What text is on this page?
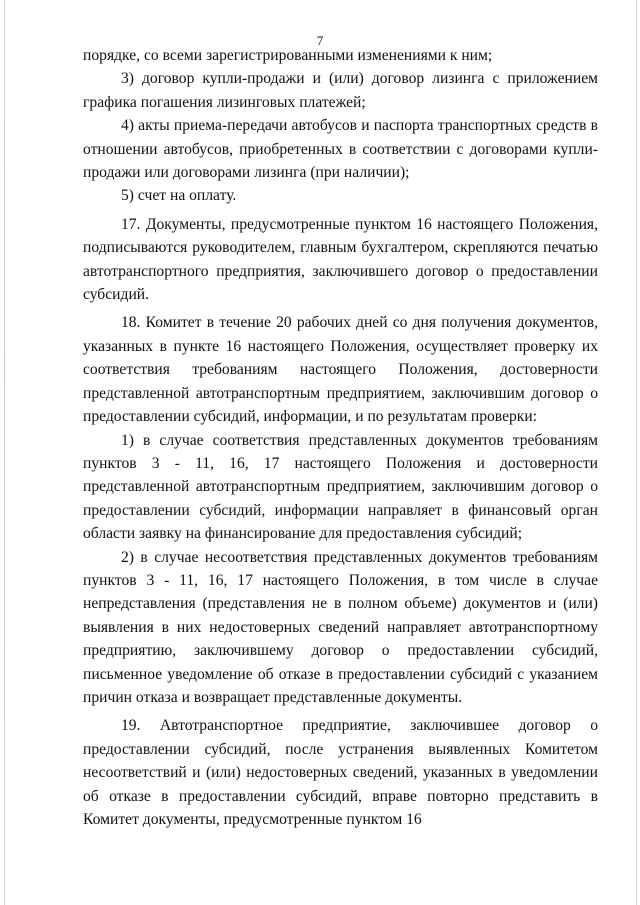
7

порядке, со всеми зарегистрированными изменениями к ним;

3) договор купли-продажи и (или) договор лизинга с приложением графика погашения лизинговых платежей;

4) акты приема-передачи автобусов и паспорта транспортных средств в отношении автобусов, приобретенных в соответствии с договорами купли-продажи или договорами лизинга (при наличии);

5) счет на оплату.

17. Документы, предусмотренные пунктом 16 настоящего Положения, подписываются руководителем, главным бухгалтером, скрепляются печатью автотранспортного предприятия, заключившего договор о предоставлении субсидий.

18. Комитет в течение 20 рабочих дней со дня получения документов, указанных в пункте 16 настоящего Положения, осуществляет проверку их соответствия требованиям настоящего Положения, достоверности представленной автотранспортным предприятием, заключившим договор о предоставлении субсидий, информации, и по результатам проверки:

1) в случае соответствия представленных документов требованиям пунктов 3 - 11, 16, 17 настоящего Положения и достоверности представленной автотранспортным предприятием, заключившим договор о предоставлении субсидий, информации направляет в финансовый орган области заявку на финансирование для предоставления субсидий;

2) в случае несоответствия представленных документов требованиям пунктов 3 - 11, 16, 17 настоящего Положения, в том числе в случае непредставления (представления не в полном объеме) документов и (или) выявления в них недостоверных сведений направляет автотранспортному предприятию, заключившему договор о предоставлении субсидий, письменное уведомление об отказе в предоставлении субсидий с указанием причин отказа и возвращает представленные документы.

19. Автотранспортное предприятие, заключившее договор о предоставлении субсидий, после устранения выявленных Комитетом несоответствий и (или) недостоверных сведений, указанных в уведомлении об отказе в предоставлении субсидий, вправе повторно представить в Комитет документы, предусмотренные пунктом 16
